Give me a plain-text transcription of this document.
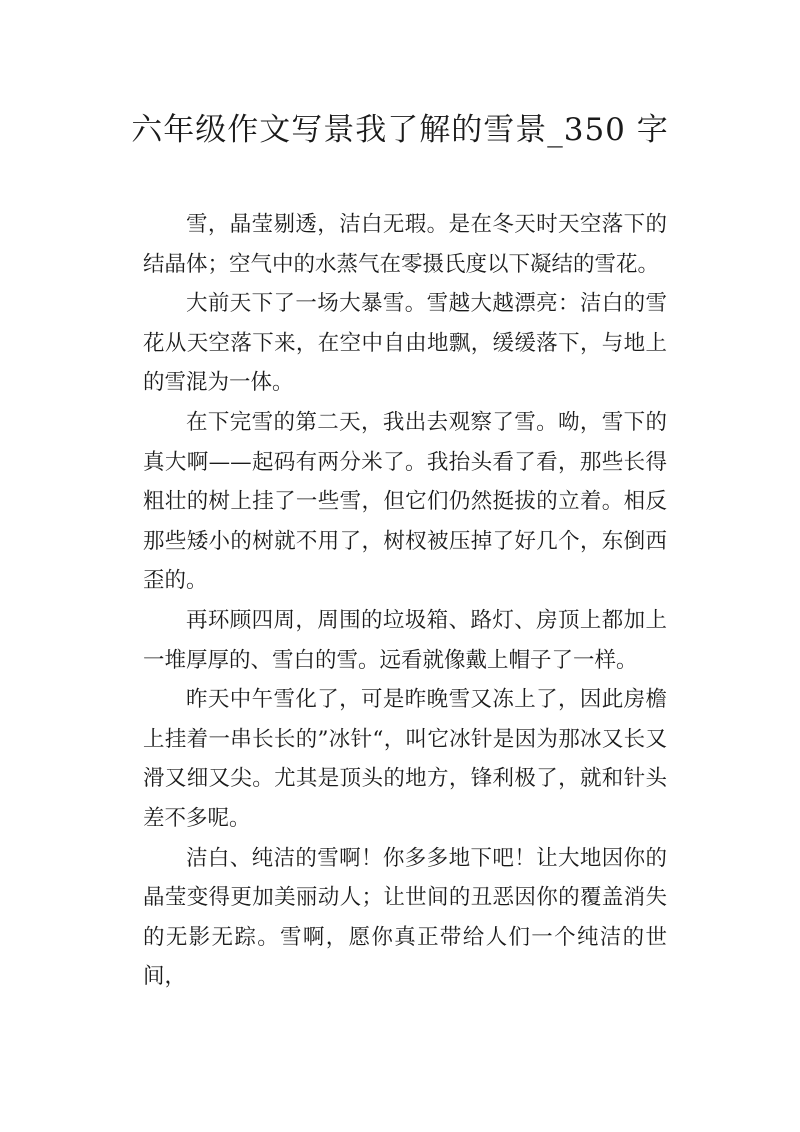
六年级作文写景我了解的雪景_350 字

雪，晶莹剔透，洁白无瑕。是在冬天时天空落下的结晶体；空气中的水蒸气在零摄氏度以下凝结的雪花。

大前天下了一场大暴雪。雪越大越漂亮：洁白的雪花从天空落下来，在空中自由地飘，缓缓落下，与地上的雪混为一体。

在下完雪的第二天，我出去观察了雪。呦，雪下的真大啊——起码有两分米了。我抬头看了看，那些长得粗壮的树上挂了一些雪，但它们仍然挺拔的立着。相反那些矮小的树就不用了，树杈被压掉了好几个，东倒西歪的。

再环顾四周，周围的垃圾箱、路灯、房顶上都加上一堆厚厚的、雪白的雪。远看就像戴上帽子了一样。

昨天中午雪化了，可是昨晚雪又冻上了，因此房檐上挂着一串长长的”冰针“，叫它冰针是因为那冰又长又滑又细又尖。尤其是顶头的地方，锋利极了，就和针头差不多呢。

洁白、纯洁的雪啊！你多多地下吧！让大地因你的晶莹变得更加美丽动人；让世间的丑恶因你的覆盖消失的无影无踪。雪啊，愿你真正带给人们一个纯洁的世间，
